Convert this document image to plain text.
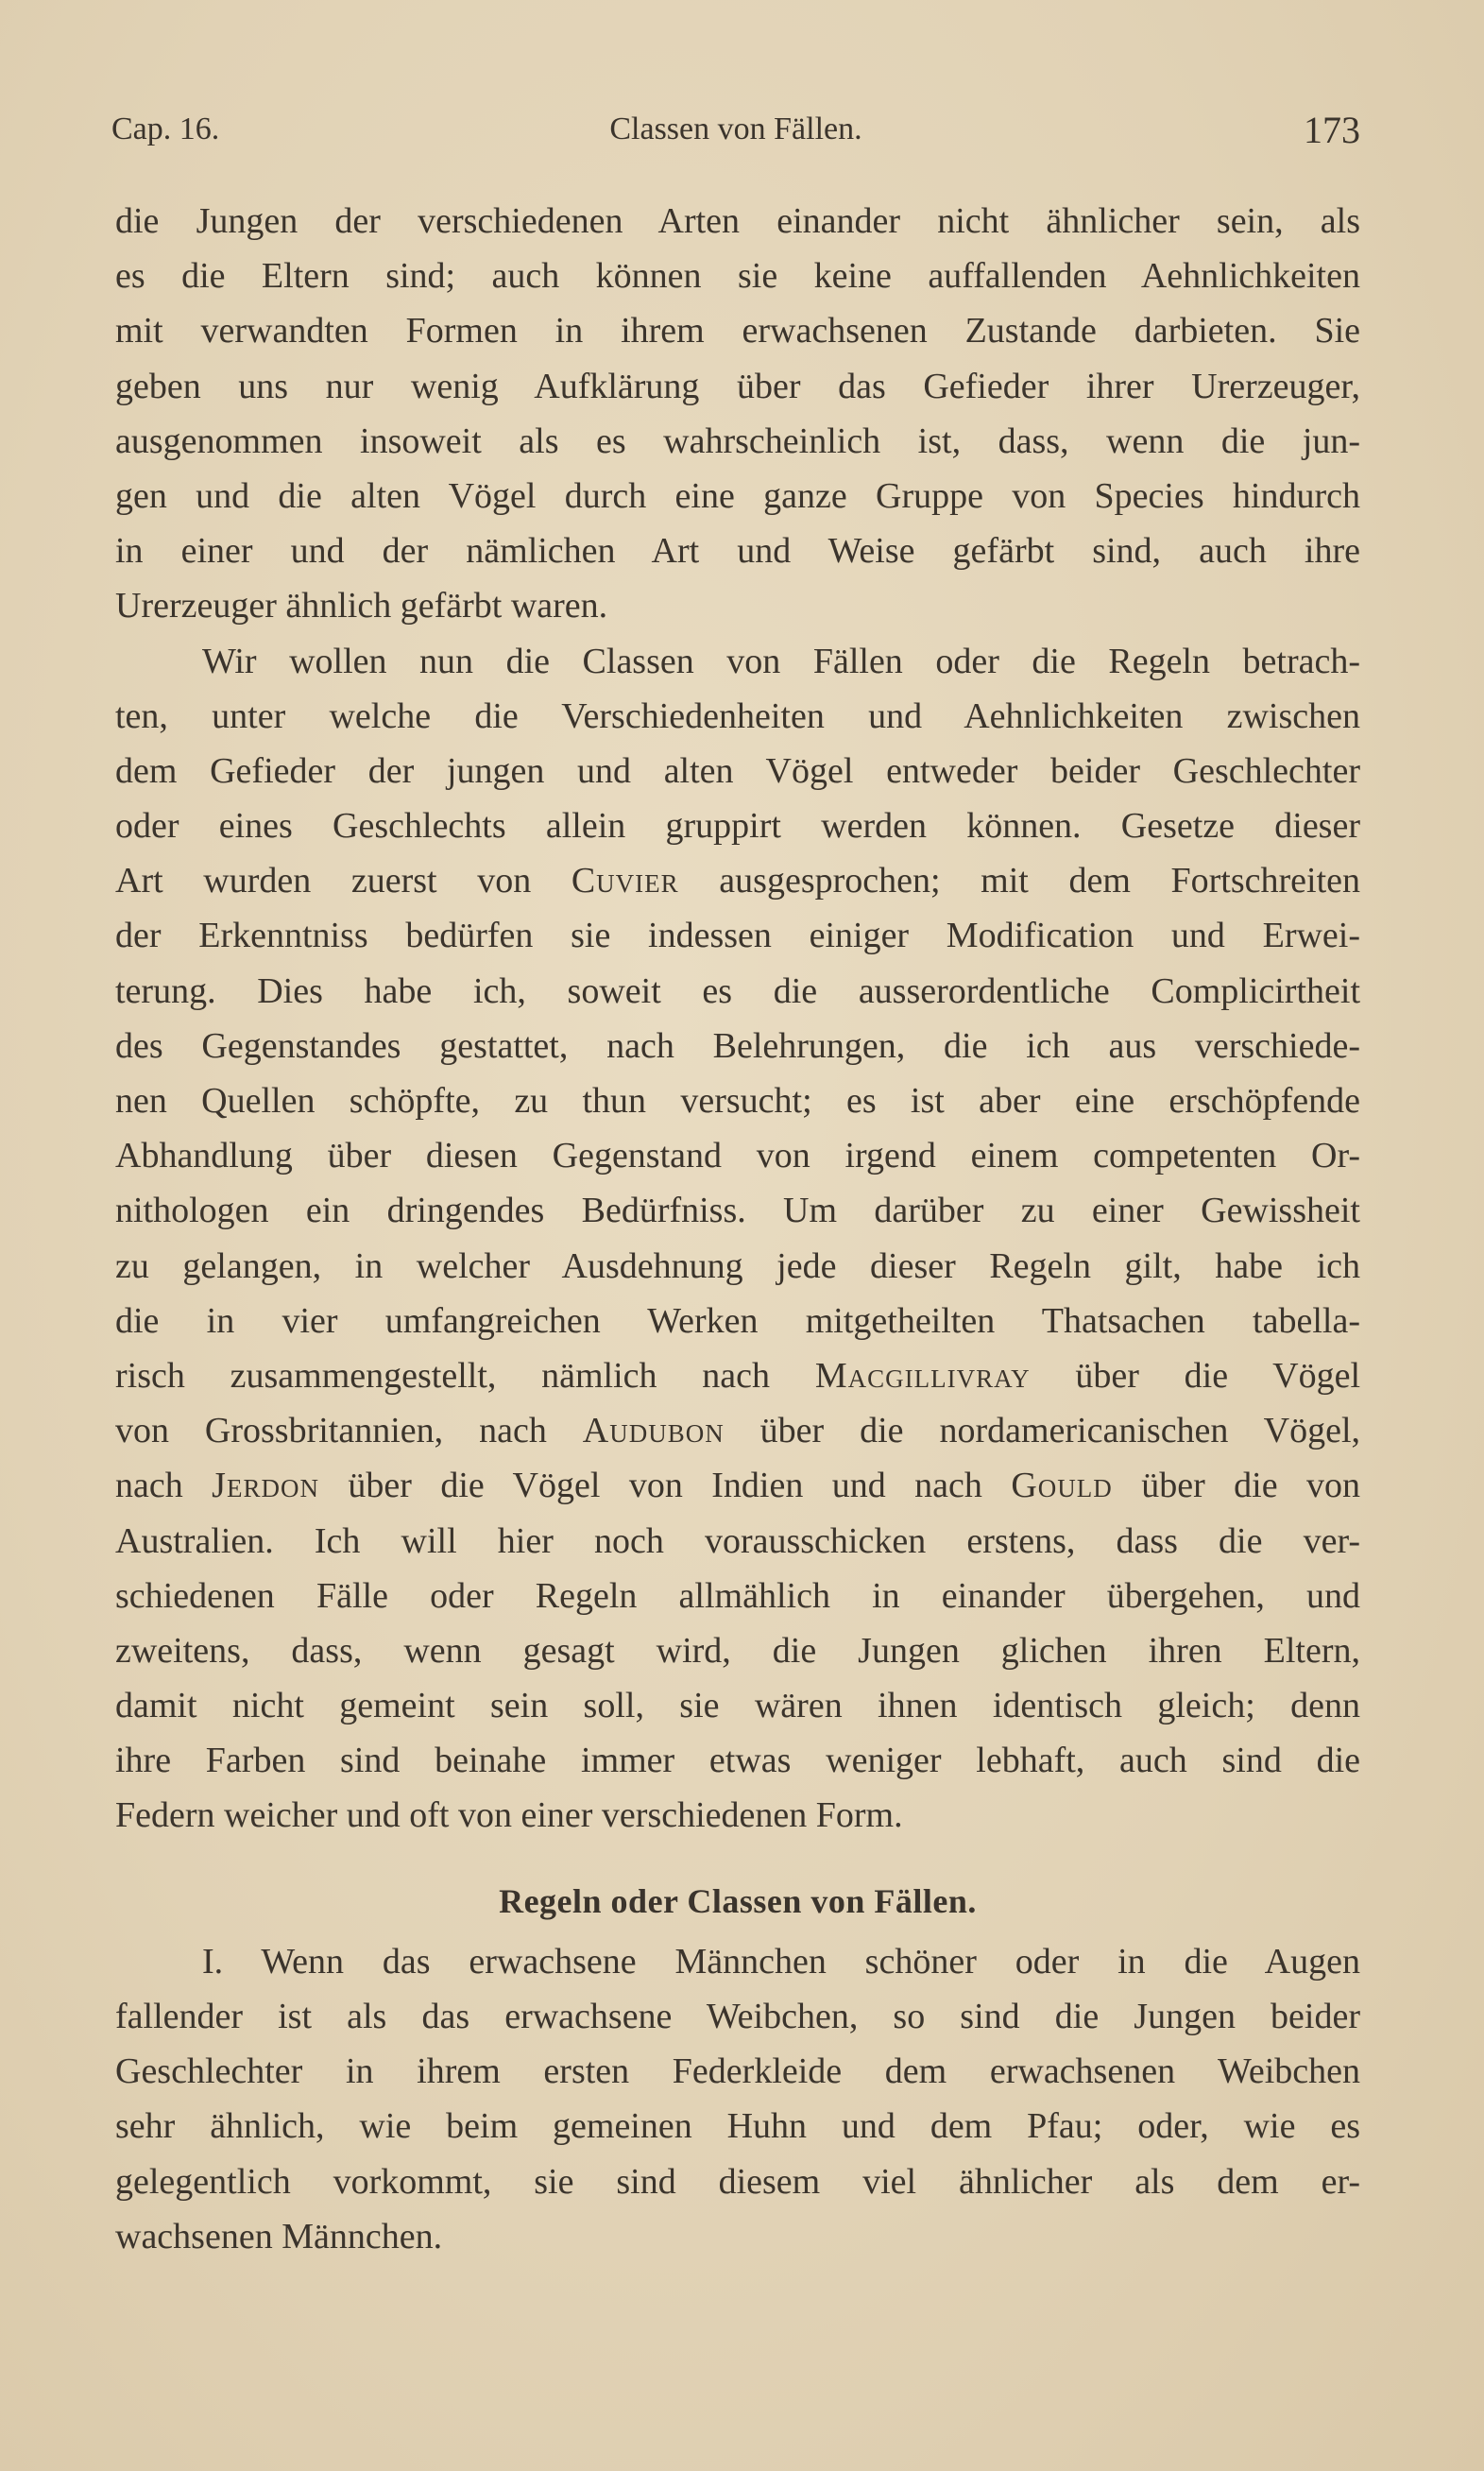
Cap. 16.	Classen von Fällen.	173
die Jungen der verschiedenen Arten einander nicht ähnlicher sein, als
es die Eltern sind; auch können sie keine auffallenden Aehnlichkeiten
mit verwandten Formen in ihrem erwachsenen Zustande darbieten. Sie
geben uns nur wenig Aufklärung über das Gefieder ihrer Urerzeuger,
ausgenommen insoweit als es wahrscheinlich ist, dass, wenn die jun-
gen und die alten Vögel durch eine ganze Gruppe von Species hindurch
in einer und der nämlichen Art und Weise gefärbt sind, auch ihre
Urerzeuger ähnlich gefärbt waren.
Wir wollen nun die Classen von Fällen oder die Regeln betrach-
ten, unter welche die Verschiedenheiten und Aehnlichkeiten zwischen
dem Gefieder der jungen und alten Vögel entweder beider Geschlechter
oder eines Geschlechts allein gruppirt werden können. Gesetze dieser
Art wurden zuerst von Cuvier ausgesprochen; mit dem Fortschreiten
der Erkenntniss bedürfen sie indessen einiger Modification und Erwei-
terung. Dies habe ich, soweit es die ausserordentliche Complicirtheit
des Gegenstandes gestattet, nach Belehrungen, die ich aus verschiede-
nen Quellen schöpfte, zu thun versucht; es ist aber eine erschöpfende
Abhandlung über diesen Gegenstand von irgend einem competenten Or-
nithologen ein dringendes Bedürfniss. Um darüber zu einer Gewissheit
zu gelangen, in welcher Ausdehnung jede dieser Regeln gilt, habe ich
die in vier umfangreichen Werken mitgetheilten Thatsachen tabella-
risch zusammengestellt, nämlich nach Macgillivray über die Vögel
von Grossbritannien, nach Audubon über die nordamericanischen Vögel,
nach Jerdon über die Vögel von Indien und nach Gould über die von
Australien. Ich will hier noch vorausschicken erstens, dass die ver-
schiedenen Fälle oder Regeln allmählich in einander übergehen, und
zweitens, dass, wenn gesagt wird, die Jungen glichen ihren Eltern,
damit nicht gemeint sein soll, sie wären ihnen identisch gleich; denn
ihre Farben sind beinahe immer etwas weniger lebhaft, auch sind die
Federn weicher und oft von einer verschiedenen Form.
Regeln oder Classen von Fällen.
I. Wenn das erwachsene Männchen schöner oder in die Augen
fallender ist als das erwachsene Weibchen, so sind die Jungen beider
Geschlechter in ihrem ersten Federkleide dem erwachsenen Weibchen
sehr ähnlich, wie beim gemeinen Huhn und dem Pfau; oder, wie es
gelegentlich vorkommt, sie sind diesem viel ähnlicher als dem er-
wachsenen Männchen.
